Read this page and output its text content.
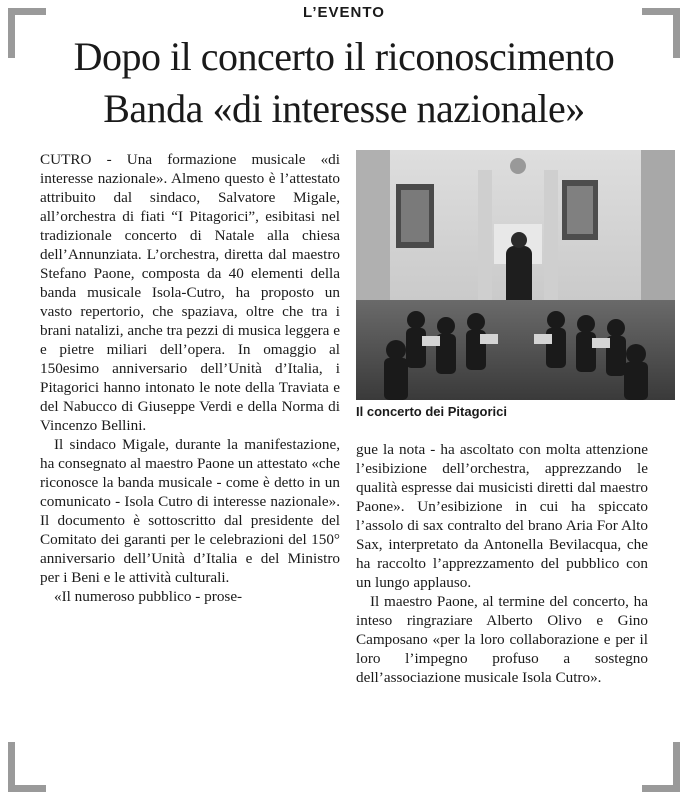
L’EVENTO
Dopo il concerto il riconoscimento
Banda «di interesse nazionale»

CUTRO - Una formazione musicale «di interesse nazionale». Almeno questo è l’attestato attribuito dal sindaco, Salvatore Migale, all’orchestra di fiati “I Pitagorici”, esibitasi nel tradizionale concerto di Natale alla chiesa dell’Annunziata. L’orchestra, diretta dal maestro Stefano Paone, composta da 40 elementi della banda musicale Isola-Cutro, ha proposto un vasto repertorio, che spaziava, oltre che tra i brani natalizi, anche tra pezzi di musica leggera e e pietre miliari dell’opera. In omaggio al 150esimo anniversario dell’Unità d’Italia, i Pitagorici hanno intonato le note della Traviata e del Nabucco di Giuseppe Verdi e della Norma di Vincenzo Bellini.

Il sindaco Migale, durante la manifestazione, ha consegnato al maestro Paone un attestato «che riconosce la banda musicale - come è detto in un comunicato - Isola Cutro di interesse nazionale». Il documento è sottoscritto dal presidente del Comitato dei garanti per le celebrazioni del 150° anniversario dell’Unità d’Italia e del Ministro per i Beni e le attività culturali.

«Il numeroso pubblico - prose-

Il concerto dei Pitagorici

gue la nota - ha ascoltato con molta attenzione l’esibizione dell’orchestra, apprezzando le qualità espresse dai musicisti diretti dal maestro Paone». Un’esibizione in cui ha spiccato l’assolo di sax contralto del brano Aria For Alto Sax, interpretato da Antonella Bevilacqua, che ha raccolto l’apprezzamento del pubblico con un lungo applauso.

Il maestro Paone, al termine del concerto, ha inteso ringraziare Alberto Olivo e Gino Camposano «per la loro collaborazione e per il loro l’impegno profuso a sostegno dell’associazione musicale Isola Cutro».
